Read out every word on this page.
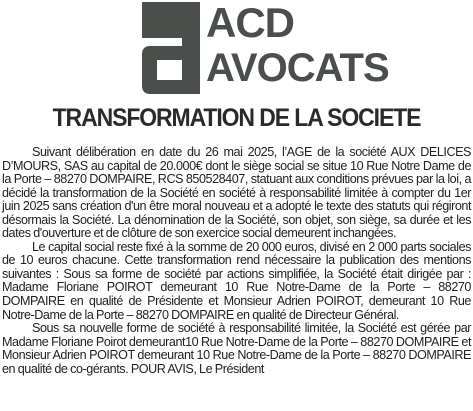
ACD
AVOCATS
TRANSFORMATION DE LA SOCIETE

Suivant délibération en date du 26 mai 2025, l’AGE de la société AUX DELICES D’MOURS, SAS au capital de 20.000€ dont le siège social se situe 10 Rue Notre Dame de la Porte – 88270 DOMPAIRE, RCS 850528407, statuant aux conditions prévues par la loi, a décidé la transformation de la Société en société à responsabilité limitée à compter du 1er juin 2025 sans création d'un être moral nouveau et a adopté le texte des statuts qui régiront désormais la Société. La dénomination de la Société, son objet, son siège, sa durée et les dates d'ouverture et de clôture de son exercice social demeurent inchangées.

Le capital social reste fixé à la somme de 20 000 euros, divisé en 2 000 parts sociales de 10 euros chacune. Cette transformation rend nécessaire la publication des mentions suivantes : Sous sa forme de société par actions simplifiée, la Société était dirigée par : Madame Floriane POIROT demeurant 10 Rue Notre-Dame de la Porte – 88270 DOMPAIRE en qualité de Présidente et Monsieur Adrien POIROT, demeurant 10 Rue Notre-Dame de la Porte – 88270 DOMPAIRE en qualité de Directeur Général.

Sous sa nouvelle forme de société à responsabilité limitée, la Société est gérée par Madame Floriane Poirot demeurant10 Rue Notre-Dame de la Porte – 88270 DOMPAIRE et Monsieur Adrien POIROT demeurant 10 Rue Notre-Dame de la Porte – 88270 DOMPAIRE en qualité de co-gérants. POUR AVIS, Le Président
